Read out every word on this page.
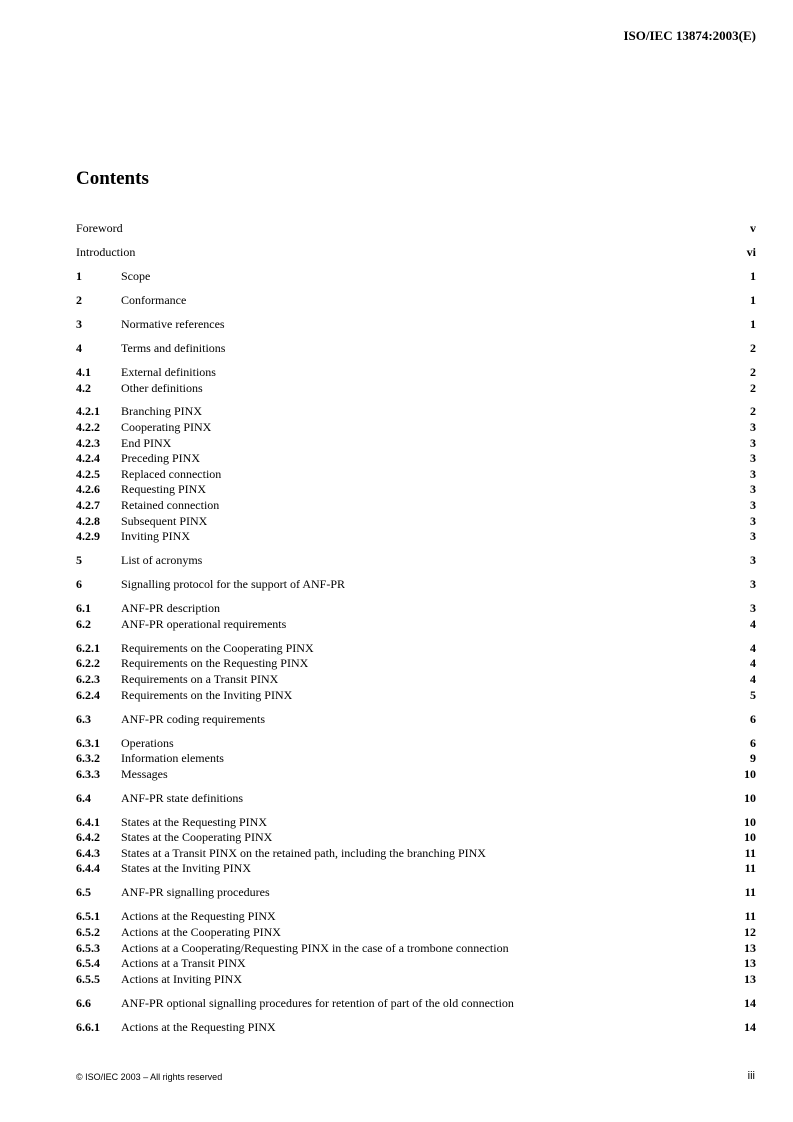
ISO/IEC 13874:2003(E)
Contents
Foreword	v
Introduction	vi
1	Scope	1
2	Conformance	1
3	Normative references	1
4	Terms and definitions	2
4.1	External definitions	2
4.2	Other definitions	2
4.2.1 Branching PINX	2
4.2.2 Cooperating PINX	3
4.2.3 End PINX	3
4.2.4 Preceding PINX	3
4.2.5 Replaced connection	3
4.2.6 Requesting PINX	3
4.2.7 Retained connection	3
4.2.8 Subsequent PINX	3
4.2.9 Inviting PINX	3
5	List of acronyms	3
6	Signalling protocol for the support of ANF-PR	3
6.1	ANF-PR description	3
6.2	ANF-PR operational requirements	4
6.2.1 Requirements on the Cooperating PINX	4
6.2.2 Requirements on the Requesting PINX	4
6.2.3 Requirements on a Transit PINX	4
6.2.4 Requirements on the Inviting PINX	5
6.3	ANF-PR coding requirements	6
6.3.1 Operations	6
6.3.2 Information elements	9
6.3.3 Messages	10
6.4	ANF-PR state definitions	10
6.4.1 States at the Requesting PINX	10
6.4.2 States at the Cooperating PINX	10
6.4.3 States at a Transit PINX on the retained path, including the branching PINX	11
6.4.4 States at the Inviting PINX	11
6.5	ANF-PR signalling procedures	11
6.5.1 Actions at the Requesting PINX	11
6.5.2 Actions at the Cooperating PINX	12
6.5.3 Actions at a Cooperating/Requesting PINX in the case of a trombone connection	13
6.5.4 Actions at a Transit PINX	13
6.5.5 Actions at Inviting PINX	13
6.6	ANF-PR optional signalling procedures for retention of part of the old connection	14
6.6.1 Actions at the Requesting PINX	14
© ISO/IEC 2003 – All rights reserved	iii
